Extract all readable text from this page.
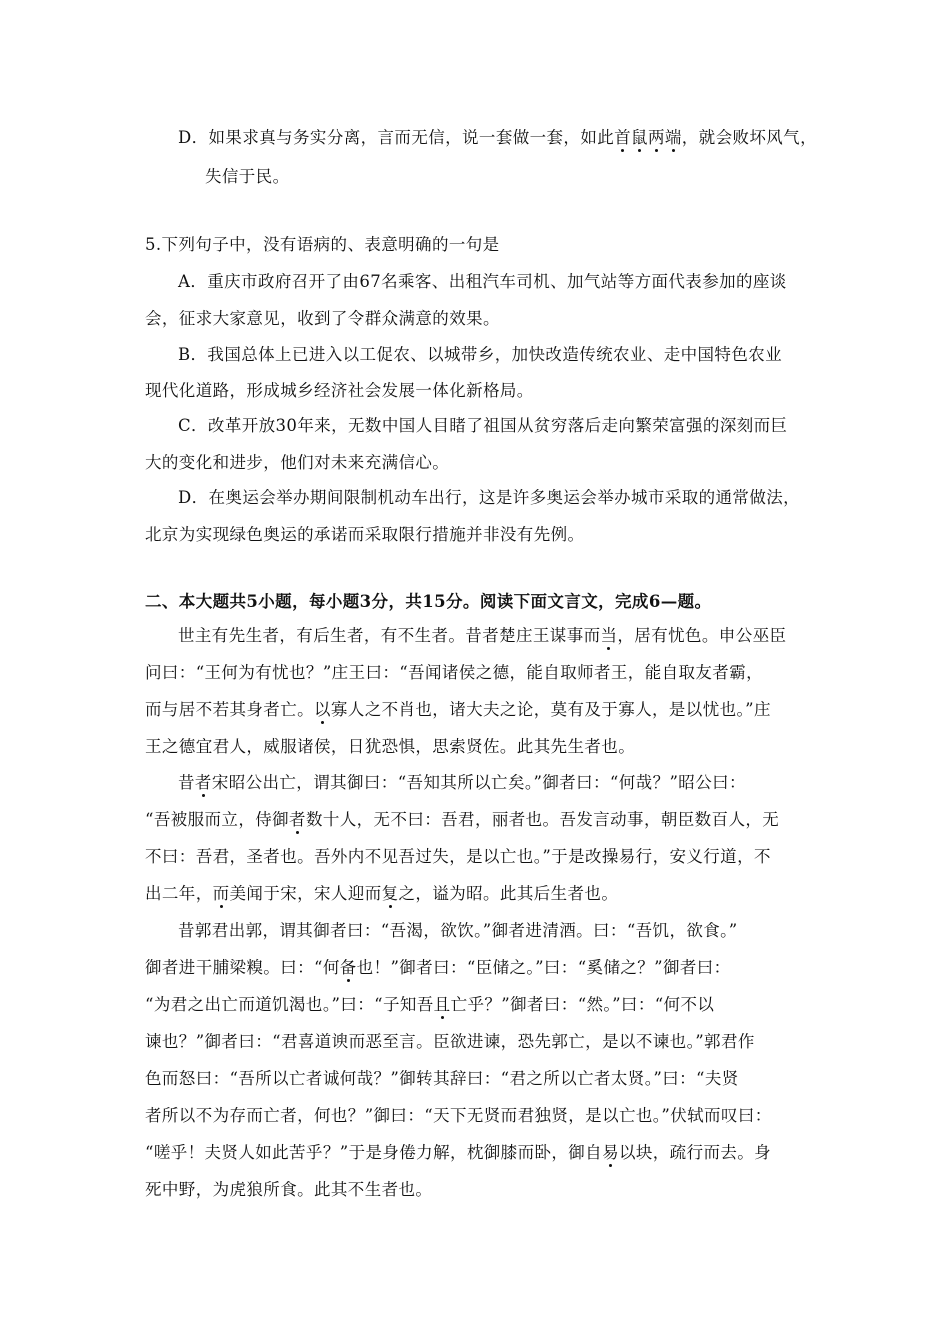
D．如果求真与务实分离，言而无信，说一套做一套，如此首鼠两端，就会败坏风气，
失信于民。
5.下列句子中，没有语病的、表意明确的一句是
A．重庆市政府召开了由67名乘客、出租汽车司机、加气站等方面代表参加的座谈
会，征求大家意见，收到了令群众满意的效果。
B．我国总体上已进入以工促农、以城带乡，加快改造传统农业、走中国特色农业
现代化道路，形成城乡经济社会发展一体化新格局。
C．改革开放30年来，无数中国人目睹了祖国从贫穷落后走向繁荣富强的深刻而巨
大的变化和进步，他们对未来充满信心。
D．在奥运会举办期间限制机动车出行，这是许多奥运会举办城市采取的通常做法，
北京为实现绿色奥运的承诺而采取限行措施并非没有先例。
二、本大题共5小题，每小题3分，共15分。阅读下面文言文，完成6—题。
世主有先生者，有后生者，有不生者。昔者楚庄王谋事而当，居有忧色。申公巫臣
问曰：“王何为有忧也？”庄王曰：“吾闻诸侯之德，能自取师者王，能自取友者霸，
而与居不若其身者亡。以寡人之不肖也，诸大夫之论，莫有及于寡人，是以忧也。”庄
王之德宜君人，威服诸侯，日犹恐惧，思索贤佐。此其先生者也。
昔者宋昭公出亡，谓其御曰：“吾知其所以亡矣。”御者曰：“何哉？”昭公曰：
“吾被服而立，侍御者数十人，无不曰：吾君，丽者也。吾发言动事，朝臣数百人，无
不曰：吾君，圣者也。吾外内不见吾过失，是以亡也。”于是改操易行，安义行道，不
出二年，而美闻于宋，宋人迎而复之，谥为昭。此其后生者也。
昔郭君出郭，谓其御者曰：“吾渴，欲饮。”御者进清酒。曰：“吾饥，欲食。”
御者进干脯梁糗。曰：“何备也！”御者曰：“臣储之。”曰：“奚储之？”御者曰：
“为君之出亡而道饥渴也。”曰：“子知吾且亡乎？”御者曰：“然。”曰：“何不以
谏也？”御者曰：“君喜道谀而恶至言。臣欲进谏，恐先郭亡，是以不谏也。”郭君作
色而怒曰：“吾所以亡者诚何哉？”御转其辞曰：“君之所以亡者太贤。”曰：“夫贤
者所以不为存而亡者，何也？”御曰：“天下无贤而君独贤，是以亡也。”伏轼而叹曰：
“嗟乎！夫贤人如此苦乎？”于是身倦力解，枕御膝而卧，御自易以块，疏行而去。身
死中野，为虎狼所食。此其不生者也。
